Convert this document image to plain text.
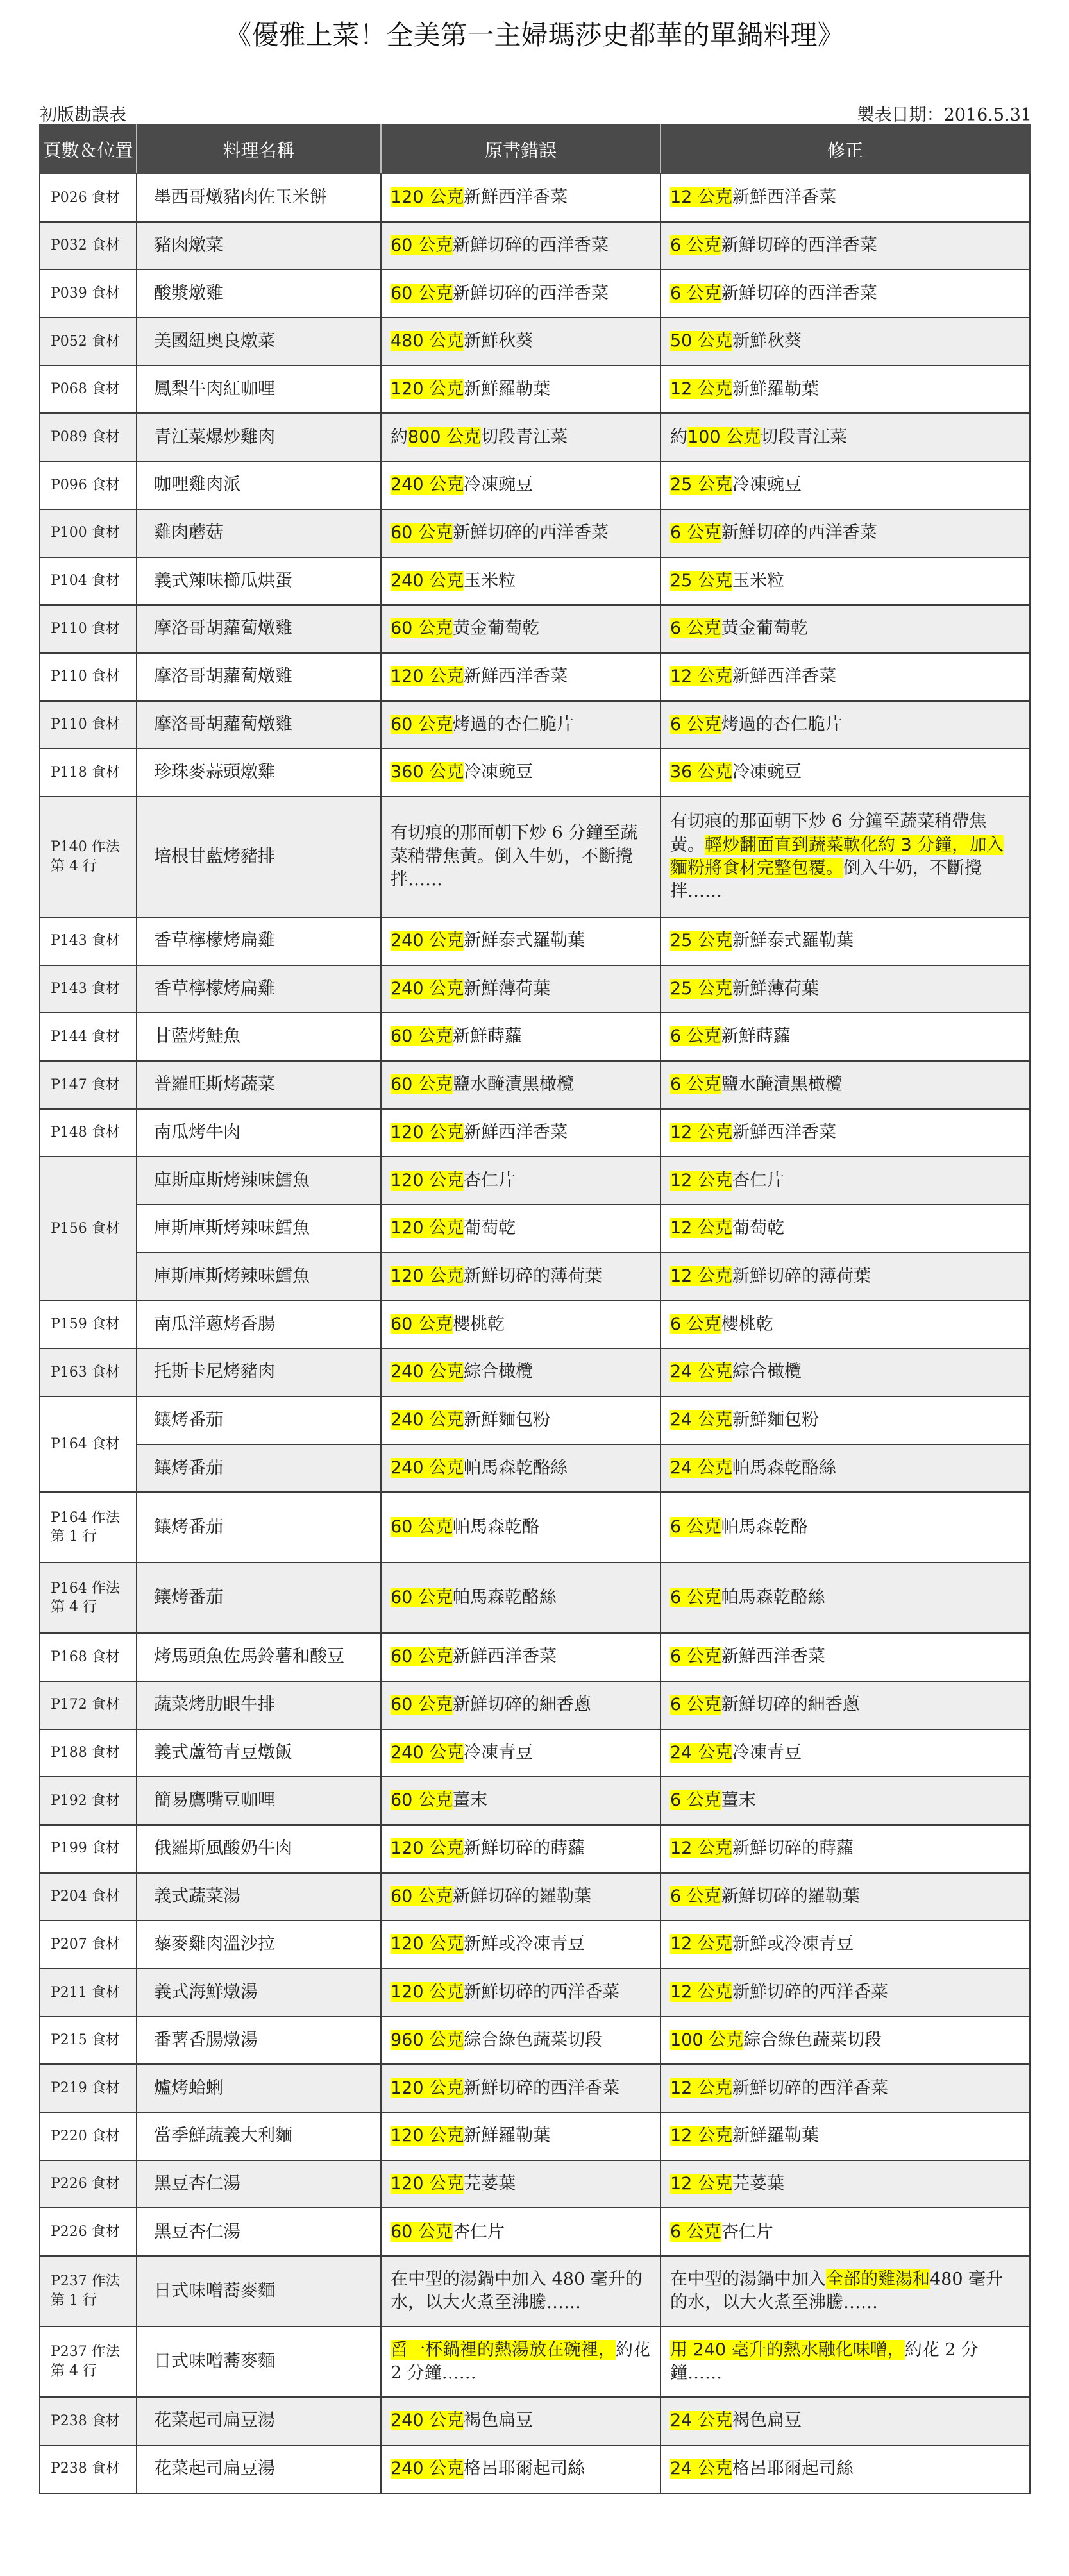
《優雅上菜！全美第一主婦瑪莎史都華的單鍋料理》
初版勘誤表	製表日期：2016.5.31
頁數＆位置	料理名稱	原書錯誤	修正
P026 食材	墨西哥燉豬肉佐玉米餅	120 公克新鮮西洋香菜	12 公克新鮮西洋香菜
P032 食材	豬肉燉菜	60 公克新鮮切碎的西洋香菜	6 公克新鮮切碎的西洋香菜
P039 食材	酸漿燉雞	60 公克新鮮切碎的西洋香菜	6 公克新鮮切碎的西洋香菜
P052 食材	美國紐奧良燉菜	480 公克新鮮秋葵	50 公克新鮮秋葵
P068 食材	鳳梨牛肉紅咖哩	120 公克新鮮羅勒葉	12 公克新鮮羅勒葉
P089 食材	青江菜爆炒雞肉	約800 公克切段青江菜	約100 公克切段青江菜
P096 食材	咖哩雞肉派	240 公克冷凍豌豆	25 公克冷凍豌豆
P100 食材	雞肉蘑菇	60 公克新鮮切碎的西洋香菜	6 公克新鮮切碎的西洋香菜
P104 食材	義式辣味櫛瓜烘蛋	240 公克玉米粒	25 公克玉米粒
P110 食材	摩洛哥胡蘿蔔燉雞	60 公克黃金葡萄乾	6 公克黃金葡萄乾
P110 食材	摩洛哥胡蘿蔔燉雞	120 公克新鮮西洋香菜	12 公克新鮮西洋香菜
P110 食材	摩洛哥胡蘿蔔燉雞	60 公克烤過的杏仁脆片	6 公克烤過的杏仁脆片
P118 食材	珍珠麥蒜頭燉雞	360 公克冷凍豌豆	36 公克冷凍豌豆
P140 作法
第 4 行	培根甘藍烤豬排	有切痕的那面朝下炒 6 分鐘至蔬菜稍帶焦黃。倒入牛奶，不斷攪拌……	有切痕的那面朝下炒 6 分鐘至蔬菜稍帶焦黃。輕炒翻面直到蔬菜軟化約 3 分鐘，加入麵粉將食材完整包覆。倒入牛奶，不斷攪拌……
P143 食材	香草檸檬烤扁雞	240 公克新鮮泰式羅勒葉	25 公克新鮮泰式羅勒葉
P143 食材	香草檸檬烤扁雞	240 公克新鮮薄荷葉	25 公克新鮮薄荷葉
P144 食材	甘藍烤鮭魚	60 公克新鮮蒔蘿	6 公克新鮮蒔蘿
P147 食材	普羅旺斯烤蔬菜	60 公克鹽水醃漬黑橄欖	6 公克鹽水醃漬黑橄欖
P148 食材	南瓜烤牛肉	120 公克新鮮西洋香菜	12 公克新鮮西洋香菜
P156 食材	庫斯庫斯烤辣味鱈魚	120 公克杏仁片	12 公克杏仁片
	庫斯庫斯烤辣味鱈魚	120 公克葡萄乾	12 公克葡萄乾
	庫斯庫斯烤辣味鱈魚	120 公克新鮮切碎的薄荷葉	12 公克新鮮切碎的薄荷葉
P159 食材	南瓜洋蔥烤香腸	60 公克櫻桃乾	6 公克櫻桃乾
P163 食材	托斯卡尼烤豬肉	240 公克綜合橄欖	24 公克綜合橄欖
P164 食材	鑲烤番茄	240 公克新鮮麵包粉	24 公克新鮮麵包粉
	鑲烤番茄	240 公克帕馬森乾酪絲	24 公克帕馬森乾酪絲
P164 作法
第 1 行	鑲烤番茄	60 公克帕馬森乾酪	6 公克帕馬森乾酪
P164 作法
第 4 行	鑲烤番茄	60 公克帕馬森乾酪絲	6 公克帕馬森乾酪絲
P168 食材	烤馬頭魚佐馬鈴薯和酸豆	60 公克新鮮西洋香菜	6 公克新鮮西洋香菜
P172 食材	蔬菜烤肋眼牛排	60 公克新鮮切碎的細香蔥	6 公克新鮮切碎的細香蔥
P188 食材	義式蘆筍青豆燉飯	240 公克冷凍青豆	24 公克冷凍青豆
P192 食材	簡易鷹嘴豆咖哩	60 公克薑末	6 公克薑末
P199 食材	俄羅斯風酸奶牛肉	120 公克新鮮切碎的蒔蘿	12 公克新鮮切碎的蒔蘿
P204 食材	義式蔬菜湯	60 公克新鮮切碎的羅勒葉	6 公克新鮮切碎的羅勒葉
P207 食材	藜麥雞肉溫沙拉	120 公克新鮮或冷凍青豆	12 公克新鮮或冷凍青豆
P211 食材	義式海鮮燉湯	120 公克新鮮切碎的西洋香菜	12 公克新鮮切碎的西洋香菜
P215 食材	番薯香腸燉湯	960 公克綜合綠色蔬菜切段	100 公克綜合綠色蔬菜切段
P219 食材	爐烤蛤蜊	120 公克新鮮切碎的西洋香菜	12 公克新鮮切碎的西洋香菜
P220 食材	當季鮮蔬義大利麵	120 公克新鮮羅勒葉	12 公克新鮮羅勒葉
P226 食材	黑豆杏仁湯	120 公克芫荽葉	12 公克芫荽葉
P226 食材	黑豆杏仁湯	60 公克杏仁片	6 公克杏仁片
P237 作法
第 1 行	日式味噌蕎麥麵	在中型的湯鍋中加入 480 毫升的水，以大火煮至沸騰……	在中型的湯鍋中加入全部的雞湯和480 毫升的水，以大火煮至沸騰……
P237 作法
第 4 行	日式味噌蕎麥麵	舀一杯鍋裡的熱湯放在碗裡，約花 2 分鐘……	用 240 毫升的熱水融化味噌，約花 2 分鐘……
P238 食材	花菜起司扁豆湯	240 公克褐色扁豆	24 公克褐色扁豆
P238 食材	花菜起司扁豆湯	240 公克格呂耶爾起司絲	24 公克格呂耶爾起司絲
